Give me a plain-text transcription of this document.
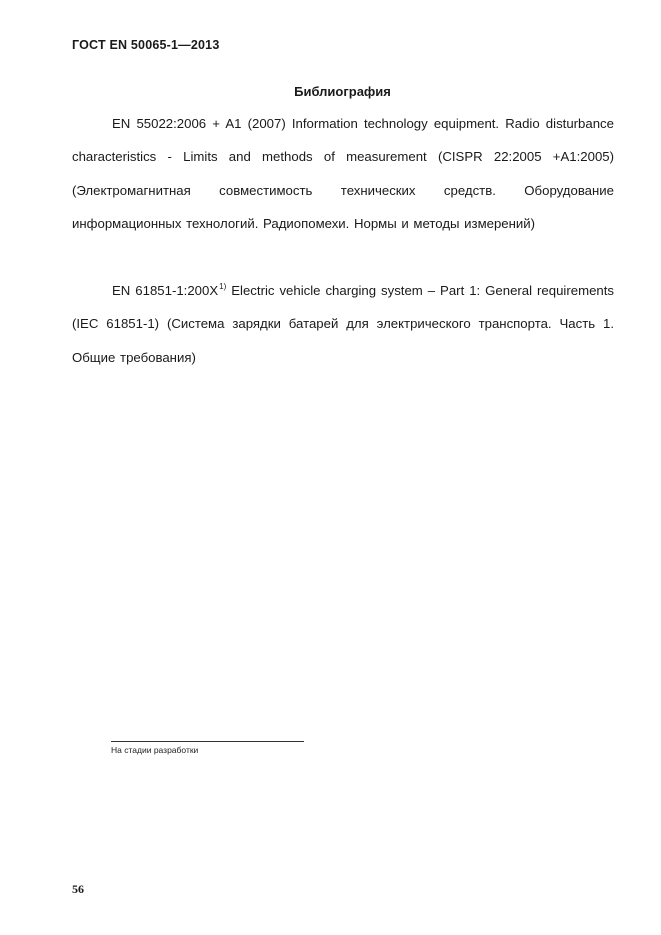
ГОСТ EN 50065-1—2013
Библиография

EN 55022:2006 + A1 (2007) Information technology equipment. Radio disturbance characteristics - Limits and methods of measurement (CISPR 22:2005 +A1:2005) (Электромагнитная совместимость технических средств. Оборудование информационных технологий. Радиопомехи. Нормы и методы измерений)

EN 61851-1:200X$^{1)}$ Electric vehicle charging system – Part 1: General requirements (IEC 61851-1) (Система зарядки батарей для электрического транспорта. Часть 1. Общие требования)

На стадии разработки
56
